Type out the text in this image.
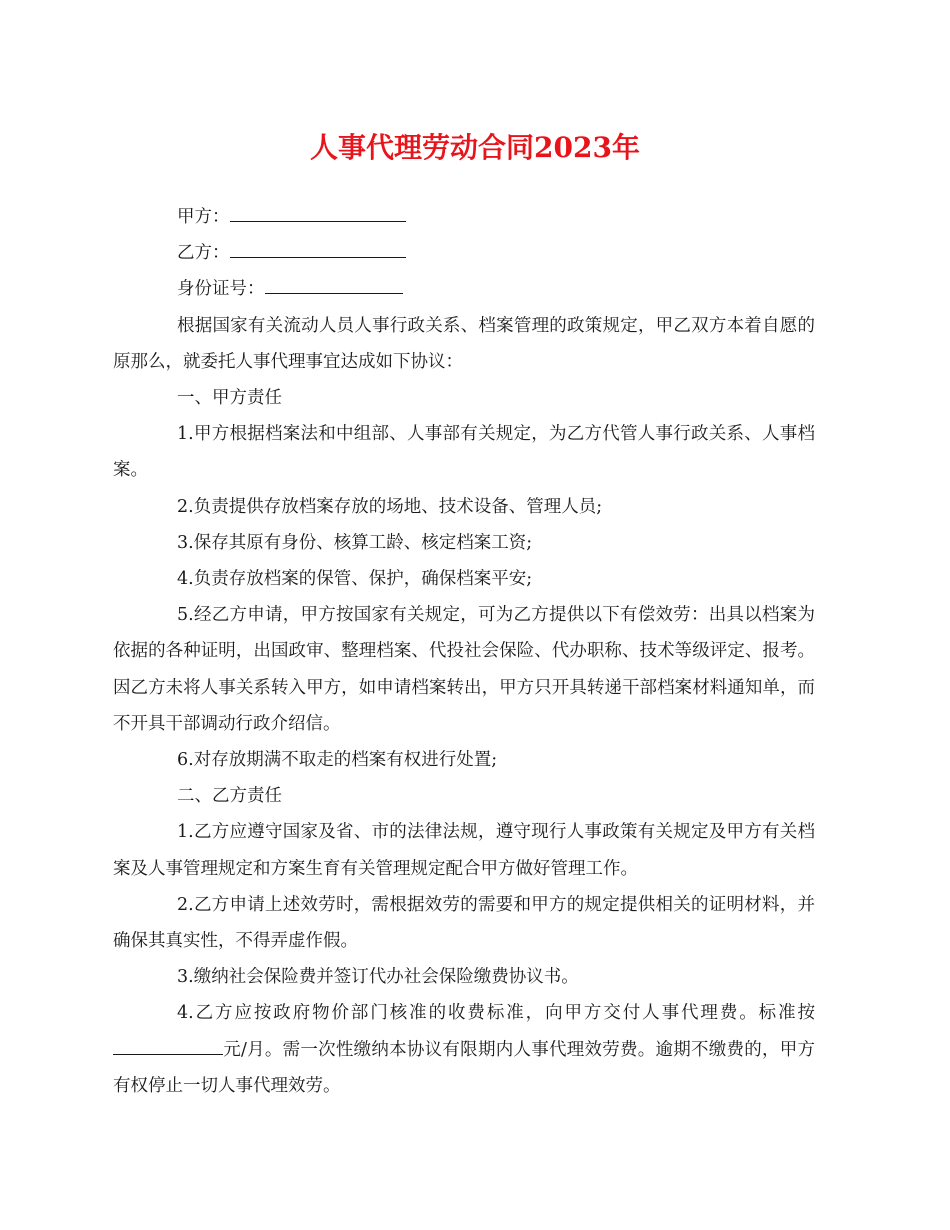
人事代理劳动合同2023年
甲方：
乙方：
身份证号：
根据国家有关流动人员人事行政关系、档案管理的政策规定，甲乙双方本着自愿的原那么，就委托人事代理事宜达成如下协议：
一、甲方责任
1.甲方根据档案法和中组部、人事部有关规定，为乙方代管人事行政关系、人事档案。
2.负责提供存放档案存放的场地、技术设备、管理人员;
3.保存其原有身份、核算工龄、核定档案工资;
4.负责存放档案的保管、保护，确保档案平安;
5.经乙方申请，甲方按国家有关规定，可为乙方提供以下有偿效劳：出具以档案为依据的各种证明，出国政审、整理档案、代投社会保险、代办职称、技术等级评定、报考。因乙方未将人事关系转入甲方，如申请档案转出，甲方只开具转递干部档案材料通知单，而不开具干部调动行政介绍信。
6.对存放期满不取走的档案有权进行处置;
二、乙方责任
1.乙方应遵守国家及省、市的法律法规，遵守现行人事政策有关规定及甲方有关档案及人事管理规定和方案生育有关管理规定配合甲方做好管理工作。
2.乙方申请上述效劳时，需根据效劳的需要和甲方的规定提供相关的证明材料，并确保其真实性，不得弄虚作假。
3.缴纳社会保险费并签订代办社会保险缴费协议书。
4.乙方应按政府物价部门核准的收费标准，向甲方交付人事代理费。标准按元/月。需一次性缴纳本协议有限期内人事代理效劳费。逾期不缴费的，甲方有权停止一切人事代理效劳。
